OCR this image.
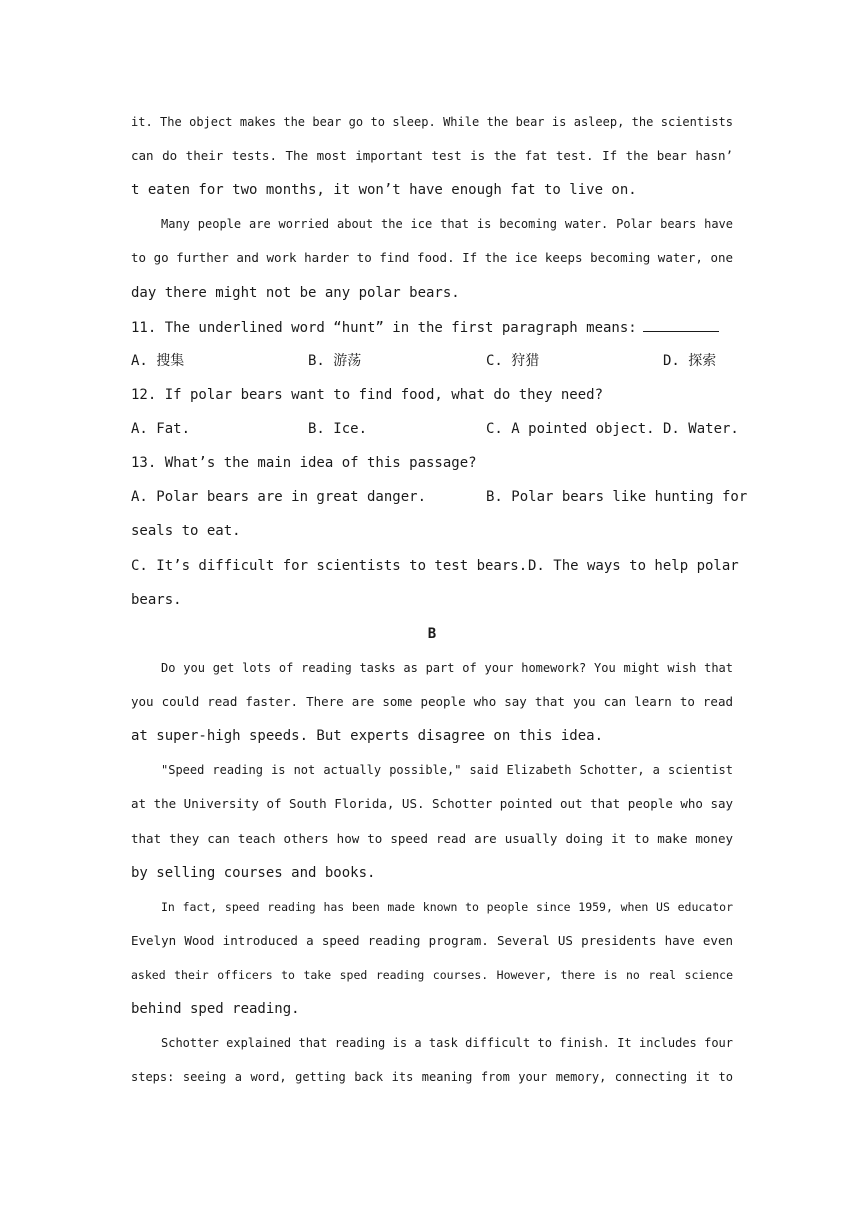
it. The object makes the bear go to sleep. While the bear is asleep, the scientists
can do their tests. The most important test is the fat test. If the bear hasn’
t eaten for two months, it won’t have enough fat to live on.
Many people are worried about the ice that is becoming water. Polar bears have
to go further and work harder to find food. If the ice keeps becoming water, one
day there might not be any polar bears.
11. The underlined word “hunt” in the first paragraph means:
A. 搜集	B. 游荡	C. 狩猎	D. 探索
12. If polar bears want to find food, what do they need?
A. Fat.	B. Ice.	C. A pointed object. D. Water.
13. What’s the main idea of this passage?
A. Polar bears are in great danger.	B. Polar bears like hunting for
seals to eat.
C. It’s difficult for scientists to test bears. D. The ways to help polar
bears.
B
Do you get lots of reading tasks as part of your homework? You might wish that
you could read faster. There are some people who say that you can learn to read
at super-high speeds. But experts disagree on this idea.
"Speed reading is not actually possible," said Elizabeth Schotter, a scientist
at the University of South Florida, US. Schotter pointed out that people who say
that they can teach others how to speed read are usually doing it to make money
by selling courses and books.
In fact, speed reading has been made known to people since 1959, when US educator
Evelyn Wood introduced a speed reading program. Several US presidents have even
asked their officers to take sped reading courses. However, there is no real science
behind sped reading.
Schotter explained that reading is a task difficult to finish. It includes four
steps: seeing a word, getting back its meaning from your memory, connecting it to
